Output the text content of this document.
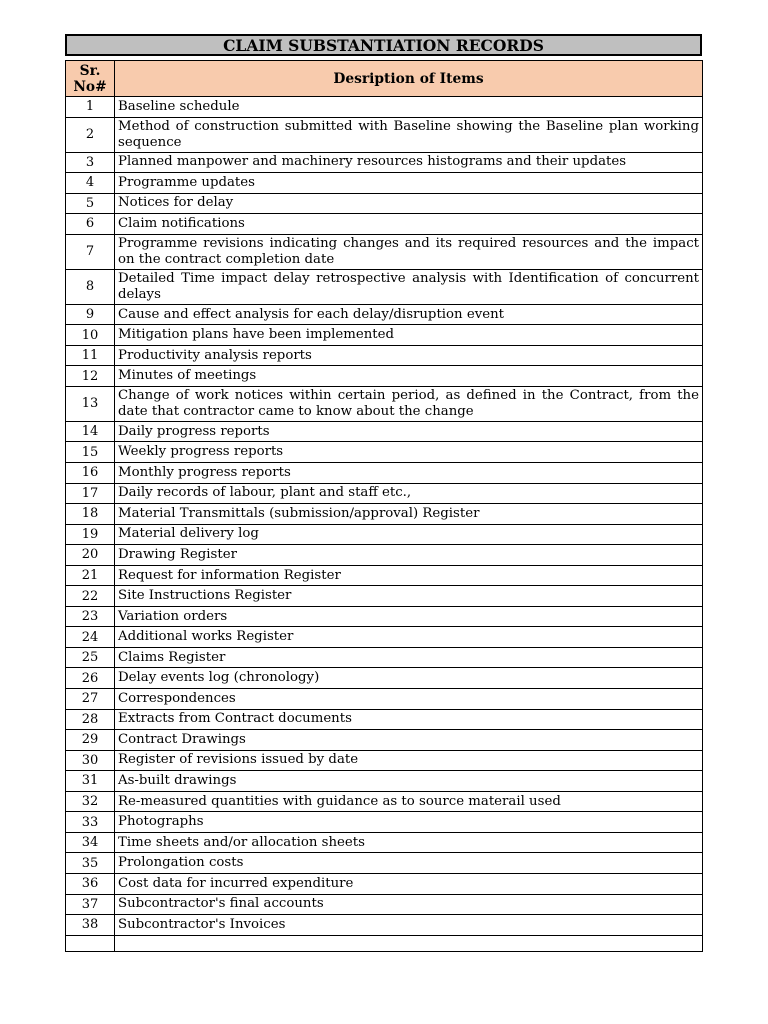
CLAIM SUBSTANTIATION RECORDS
Sr. No#	Desription of Items
1	Baseline schedule
2	Method of construction submitted with Baseline showing the Baseline plan working sequence
3	Planned manpower and machinery resources histograms and their updates
4	Programme updates
5	Notices for delay
6	Claim notifications
7	Programme revisions indicating changes and its required resources and the impact on the contract completion date
8	Detailed Time impact delay retrospective analysis with Identification of concurrent delays
9	Cause and effect analysis for each delay/disruption event
10	Mitigation plans have been implemented
11	Productivity analysis reports
12	Minutes of meetings
13	Change of work notices within certain period, as defined in the Contract, from the date that contractor came to know about the change
14	Daily progress reports
15	Weekly progress reports
16	Monthly progress reports
17	Daily records of labour, plant and staff etc.,
18	Material Transmittals (submission/approval) Register
19	Material delivery log
20	Drawing Register
21	Request for information Register
22	Site Instructions Register
23	Variation orders
24	Additional works Register
25	Claims Register
26	Delay events log (chronology)
27	Correspondences
28	Extracts from Contract documents
29	Contract Drawings
30	Register of revisions issued by date
31	As-built drawings
32	Re-measured quantities with guidance as to source materail used
33	Photographs
34	Time sheets and/or allocation sheets
35	Prolongation costs
36	Cost data for incurred expenditure
37	Subcontractor's final accounts
38	Subcontractor's Invoices
